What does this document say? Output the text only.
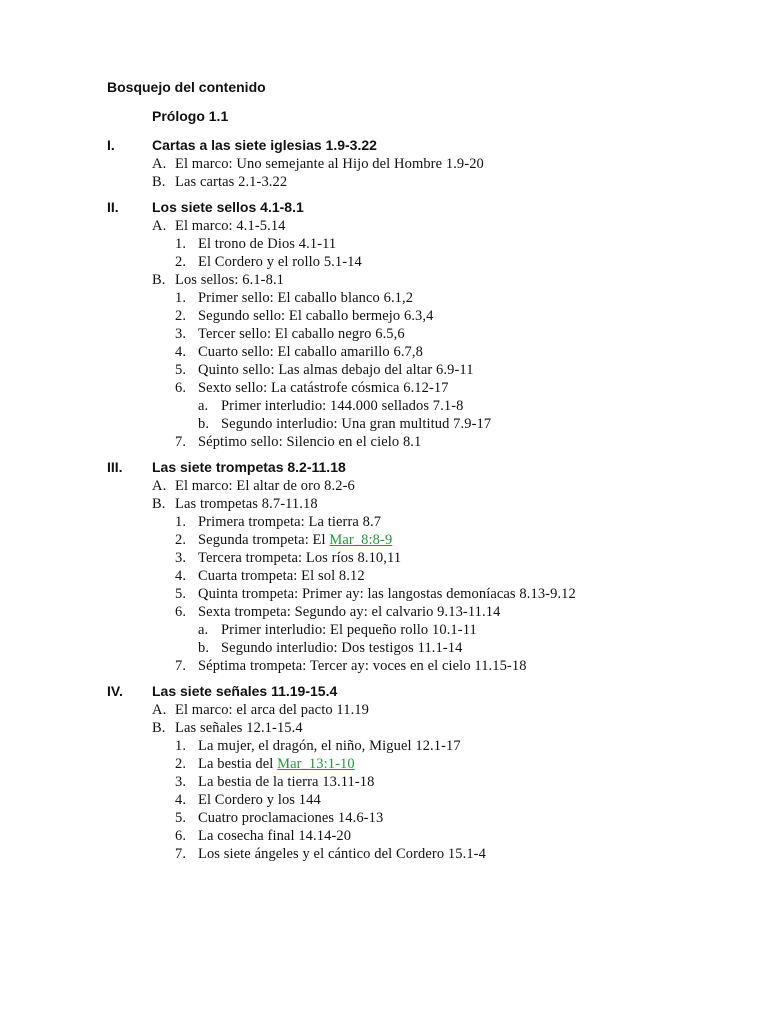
Bosquejo del contenido
Prólogo 1.1
I.	Cartas a las siete iglesias 1.9-3.22
A. El marco: Uno semejante al Hijo del Hombre 1.9-20
B. Las cartas 2.1-3.22
II. Los siete sellos 4.1-8.1
A. El marco: 4.1-5.14
1. El trono de Dios 4.1-11
2. El Cordero y el rollo 5.1-14
B. Los sellos: 6.1-8.1
1. Primer sello: El caballo blanco 6.1,2
2. Segundo sello: El caballo bermejo 6.3,4
3. Tercer sello: El caballo negro 6.5,6
4. Cuarto sello: El caballo amarillo 6.7,8
5. Quinto sello: Las almas debajo del altar 6.9-11
6. Sexto sello: La catástrofe cósmica 6.12-17
a. Primer interludio: 144.000 sellados 7.1-8
b. Segundo interludio: Una gran multitud 7.9-17
7. Séptimo sello: Silencio en el cielo 8.1
III. Las siete trompetas 8.2-11.18
A. El marco: El altar de oro 8.2-6
B. Las trompetas 8.7-11.18
1. Primera trompeta: La tierra 8.7
2. Segunda trompeta: El Mar_8:8-9
3. Tercera trompeta: Los ríos 8.10,11
4. Cuarta trompeta: El sol 8.12
5. Quinta trompeta: Primer ay: las langostas demoníacas 8.13-9.12
6. Sexta trompeta: Segundo ay: el calvario 9.13-11.14
a. Primer interludio: El pequeño rollo 10.1-11
b. Segundo interludio: Dos testigos 11.1-14
7. Séptima trompeta: Tercer ay: voces en el cielo 11.15-18
IV. Las siete señales 11.19-15.4
A. El marco: el arca del pacto 11.19
B. Las señales 12.1-15.4
1. La mujer, el dragón, el niño, Miguel 12.1-17
2. La bestia del Mar_13:1-10
3. La bestia de la tierra 13.11-18
4. El Cordero y los 144
5. Cuatro proclamaciones 14.6-13
6. La cosecha final 14.14-20
7. Los siete ángeles y el cántico del Cordero 15.1-4
